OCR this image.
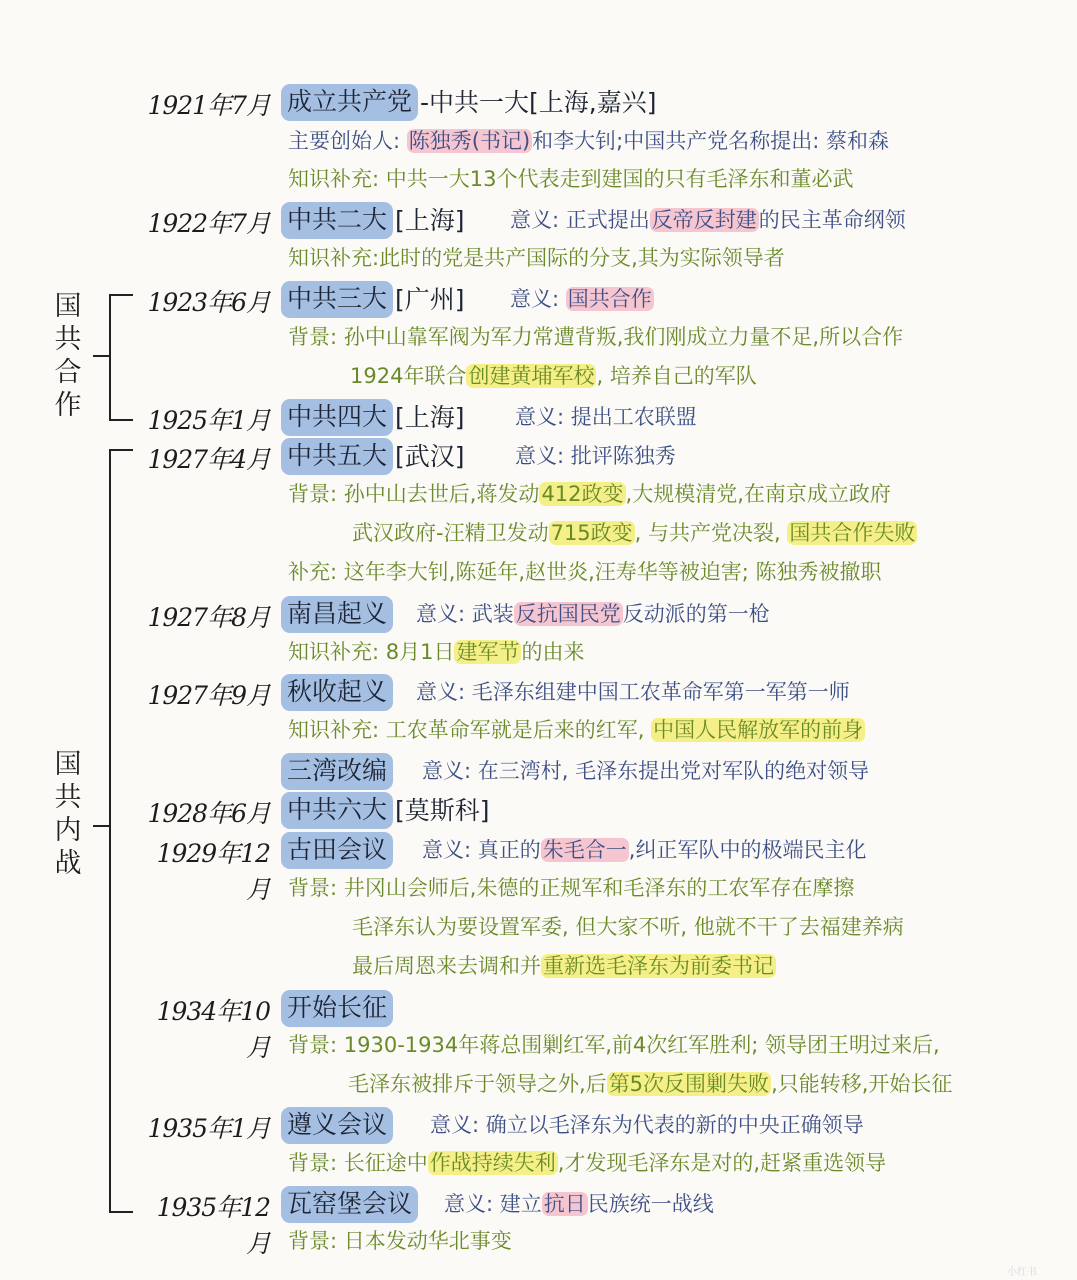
国共合作
国共内战
1921年7月 成立共产党 -中共一大[上海,嘉兴]
主要创始人: 陈独秀(书记)和李大钊;中国共产党名称提出: 蔡和森
知识补充: 中共一大13个代表走到建国的只有毛泽东和董必武
1922年7月 中共二大 [上海] 意义: 正式提出反帝反封建的民主革命纲领
知识补充:此时的党是共产国际的分支,其为实际领导者
1923年6月 中共三大 [广州] 意义: 国共合作
背景: 孙中山靠军阀为军力常遭背叛,我们刚成立力量不足,所以合作
1924年联合创建黄埔军校, 培养自己的军队
1925年1月 中共四大 [上海] 意义: 提出工农联盟
1927年4月 中共五大 [武汉] 意义: 批评陈独秀
背景: 孙中山去世后,蒋发动412政变,大规模清党,在南京成立政府
武汉政府-汪精卫发动715政变, 与共产党决裂, 国共合作失败
补充: 这年李大钊,陈延年,赵世炎,汪寿华等被迫害; 陈独秀被撤职
1927年8月 南昌起义 意义: 武装反抗国民党反动派的第一枪
知识补充: 8月1日建军节的由来
1927年9月 秋收起义 意义: 毛泽东组建中国工农革命军第一军第一师
知识补充: 工农革命军就是后来的红军, 中国人民解放军的前身
三湾改编 意义: 在三湾村, 毛泽东提出党对军队的绝对领导
1928年6月 中共六大 [莫斯科]
1929年12月
古田会议 意义: 真正的朱毛合一,纠正军队中的极端民主化
背景: 井冈山会师后,朱德的正规军和毛泽东的工农军存在摩擦
毛泽东认为要设置军委, 但大家不听, 他就不干了去福建养病
最后周恩来去调和并重新选毛泽东为前委书记
1934年10月
开始长征
背景: 1930-1934年蒋总围剿红军,前4次红军胜利; 领导团王明过来后,
毛泽东被排斥于领导之外,后第5次反围剿失败,只能转移,开始长征
1935年1月 遵义会议 意义: 确立以毛泽东为代表的新的中央正确领导
背景: 长征途中作战持续失利,才发现毛泽东是对的,赶紧重选领导
1935年12月
瓦窑堡会议 意义: 建立抗日民族统一战线
背景: 日本发动华北事变
小红书
